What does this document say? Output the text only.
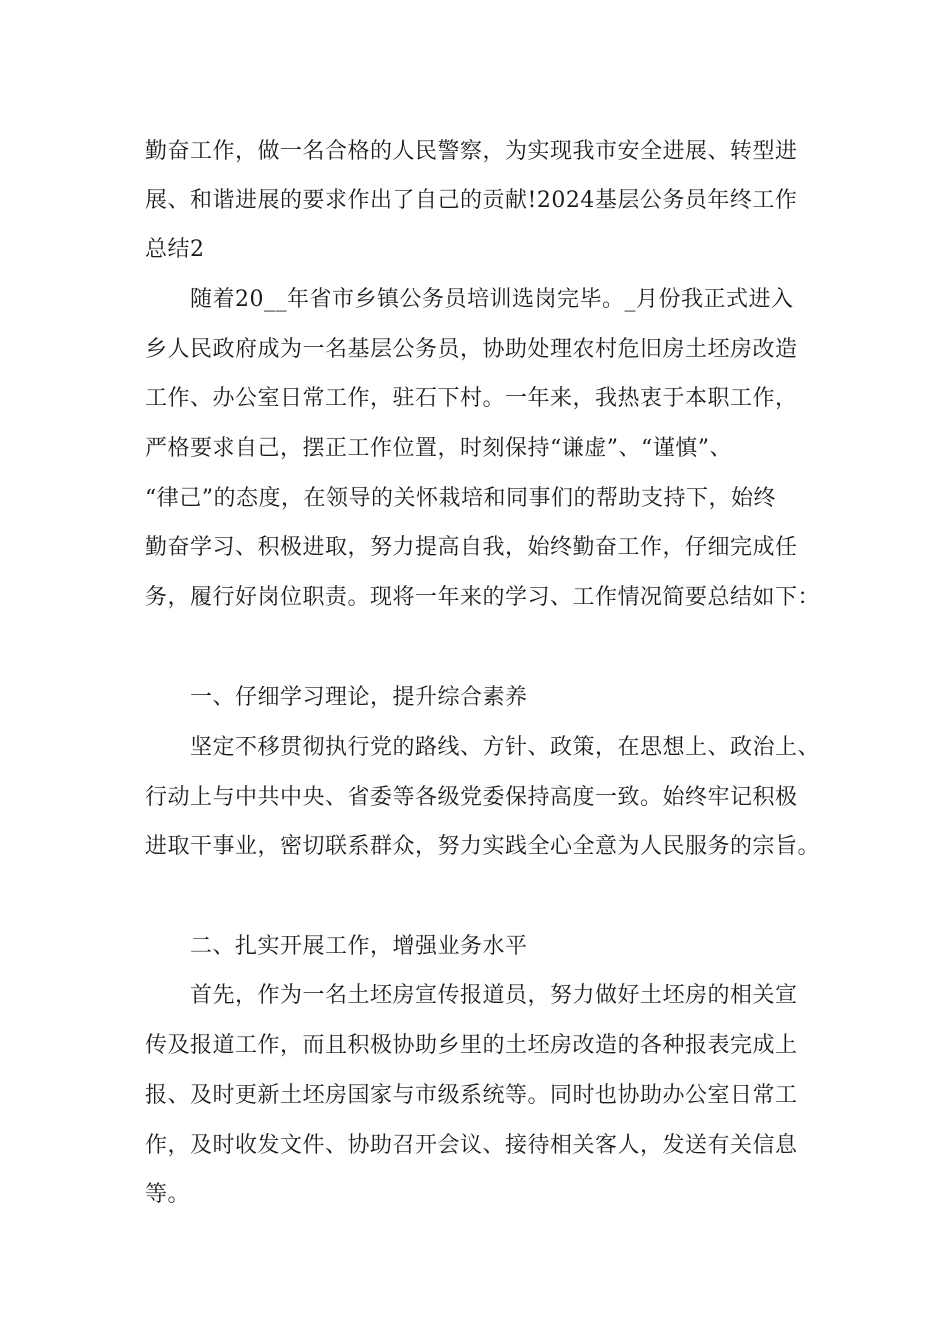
勤奋工作，做一名合格的人民警察，为实现我市安全进展、转型进
展、和谐进展的要求作出了自己的贡献!2024基层公务员年终工作
总结2
随着20__年省市乡镇公务员培训选岗完毕。_月份我正式进入
乡人民政府成为一名基层公务员，协助处理农村危旧房土坯房改造
工作、办公室日常工作，驻石下村。一年来，我热衷于本职工作，
严格要求自己，摆正工作位置，时刻保持“谦虚”、“谨慎”、
“律己”的态度，在领导的关怀栽培和同事们的帮助支持下，始终
勤奋学习、积极进取，努力提高自我，始终勤奋工作，仔细完成任
务，履行好岗位职责。现将一年来的学习、工作情况简要总结如下：
一、仔细学习理论，提升综合素养
坚定不移贯彻执行党的路线、方针、政策，在思想上、政治上、
行动上与中共中央、省委等各级党委保持高度一致。始终牢记积极
进取干事业，密切联系群众，努力实践全心全意为人民服务的宗旨。
二、扎实开展工作，增强业务水平
首先，作为一名土坯房宣传报道员，努力做好土坯房的相关宣
传及报道工作，而且积极协助乡里的土坯房改造的各种报表完成上
报、及时更新土坯房国家与市级系统等。同时也协助办公室日常工
作，及时收发文件、协助召开会议、接待相关客人，发送有关信息
等。
